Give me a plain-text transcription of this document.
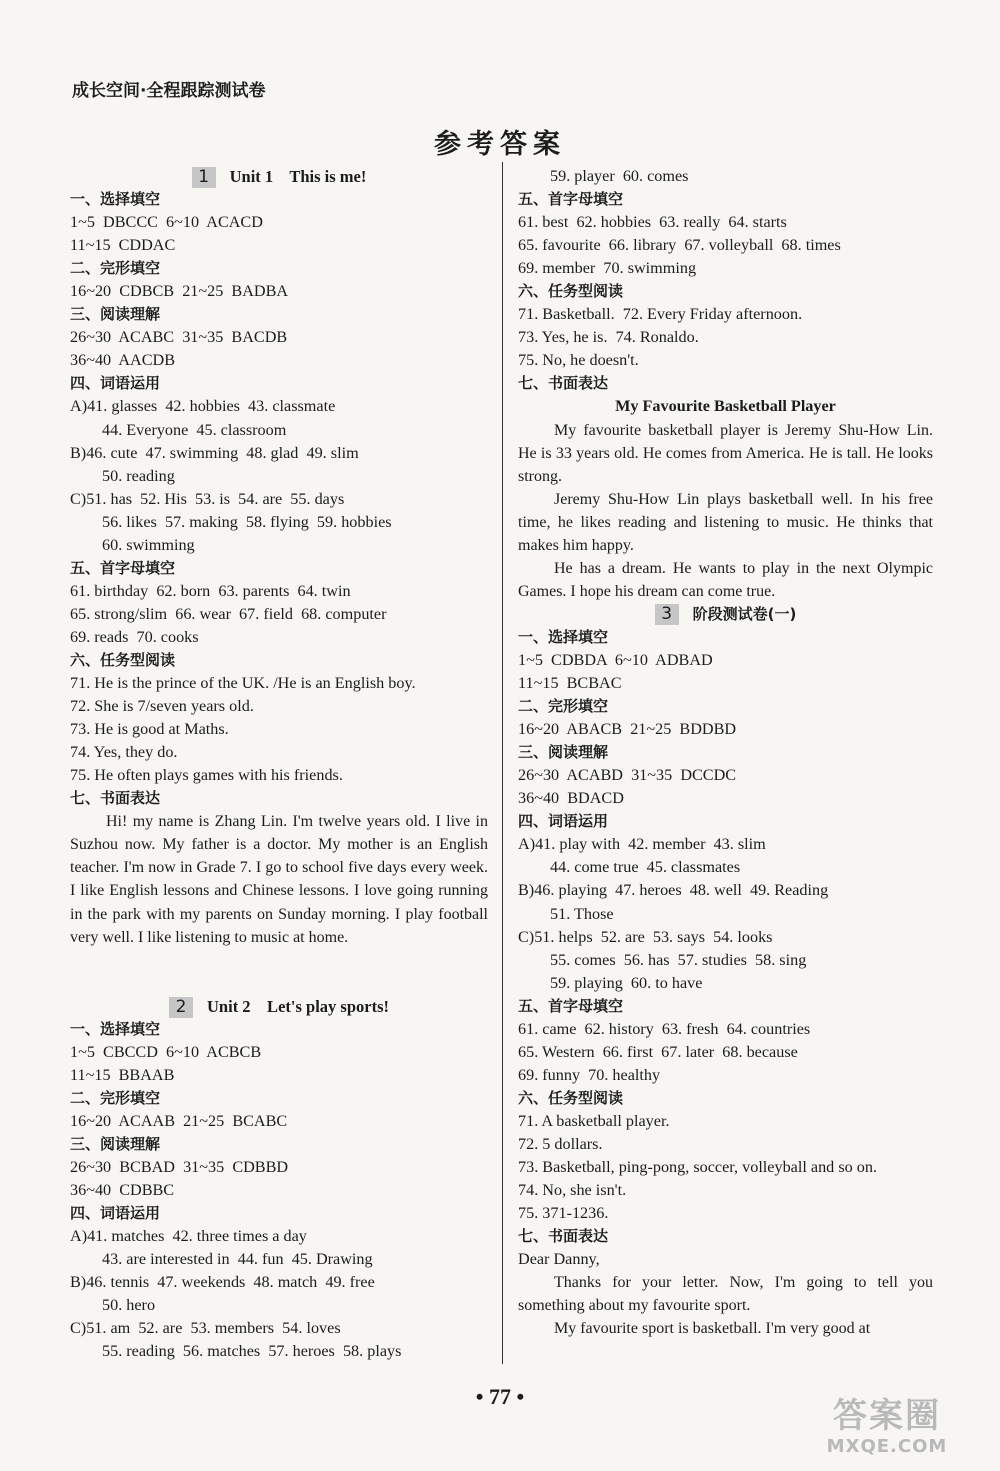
成长空间·全程跟踪测试卷
参考答案
1 Unit 1    This is me!
一、选择填空
1~5  DBCCC  6~10  ACACD
11~15  CDDAC
二、完形填空
16~20  CDBCB  21~25  BADBA
三、阅读理解
26~30  ACABC  31~35  BACDB
36~40  AACDB
四、词语运用
A)41. glasses  42. hobbies  43. classmate
44. Everyone  45. classroom
B)46. cute  47. swimming  48. glad  49. slim
50. reading
C)51. has  52. His  53. is  54. are  55. days
56. likes  57. making  58. flying  59. hobbies
60. swimming
五、首字母填空
61. birthday  62. born  63. parents  64. twin
65. strong/slim  66. wear  67. field  68. computer
69. reads  70. cooks
六、任务型阅读
71. He is the prince of the UK. /He is an English boy.
72. She is 7/seven years old.
73. He is good at Maths.
74. Yes, they do.
75. He often plays games with his friends.
七、书面表达
Hi! my name is Zhang Lin. I'm twelve years old. I live in Suzhou now. My father is a doctor. My mother is an English teacher. I'm now in Grade 7. I go to school five days every week. I like English lessons and Chinese lessons. I love going running in the park with my parents on Sunday morning. I play football very well. I like listening to music at home.
2 Unit 2    Let's play sports!
一、选择填空
1~5  CBCCD  6~10  ACBCB
11~15  BBAAB
二、完形填空
16~20  ACAAB  21~25  BCABC
三、阅读理解
26~30  BCBAD  31~35  CDBBD
36~40  CDBBC
四、词语运用
A)41. matches  42. three times a day
43. are interested in  44. fun  45. Drawing
B)46. tennis  47. weekends  48. match  49. free
50. hero
C)51. am  52. are  53. members  54. loves
55. reading  56. matches  57. heroes  58. plays
59. player  60. comes
五、首字母填空
61. best  62. hobbies  63. really  64. starts
65. favourite  66. library  67. volleyball  68. times
69. member  70. swimming
六、任务型阅读
71. Basketball.  72. Every Friday afternoon.
73. Yes, he is.  74. Ronaldo.
75. No, he doesn't.
七、书面表达
My Favourite Basketball Player
My favourite basketball player is Jeremy Shu-How Lin. He is 33 years old. He comes from America. He is tall. He looks strong.
Jeremy Shu-How Lin plays basketball well. In his free time, he likes reading and listening to music. He thinks that makes him happy.
He has a dream. He wants to play in the next Olympic Games. I hope his dream can come true.
3 阶段测试卷(一)
一、选择填空
1~5  CDBDA  6~10  ADBAD
11~15  BCBAC
二、完形填空
16~20  ABACB  21~25  BDDBD
三、阅读理解
26~30  ACABD  31~35  DCCDC
36~40  BDACD
四、词语运用
A)41. play with  42. member  43. slim
44. come true  45. classmates
B)46. playing  47. heroes  48. well  49. Reading
51. Those
C)51. helps  52. are  53. says  54. looks
55. comes  56. has  57. studies  58. sing
59. playing  60. to have
五、首字母填空
61. came  62. history  63. fresh  64. countries
65. Western  66. first  67. later  68. because
69. funny  70. healthy
六、任务型阅读
71. A basketball player.
72. 5 dollars.
73. Basketball, ping-pong, soccer, volleyball and so on.
74. No, she isn't.
75. 371-1236.
七、书面表达
Dear Danny,
Thanks for your letter. Now, I'm going to tell you something about my favourite sport.
My favourite sport is basketball. I'm very good at
• 77 •	答案圈
MXQE.COM
